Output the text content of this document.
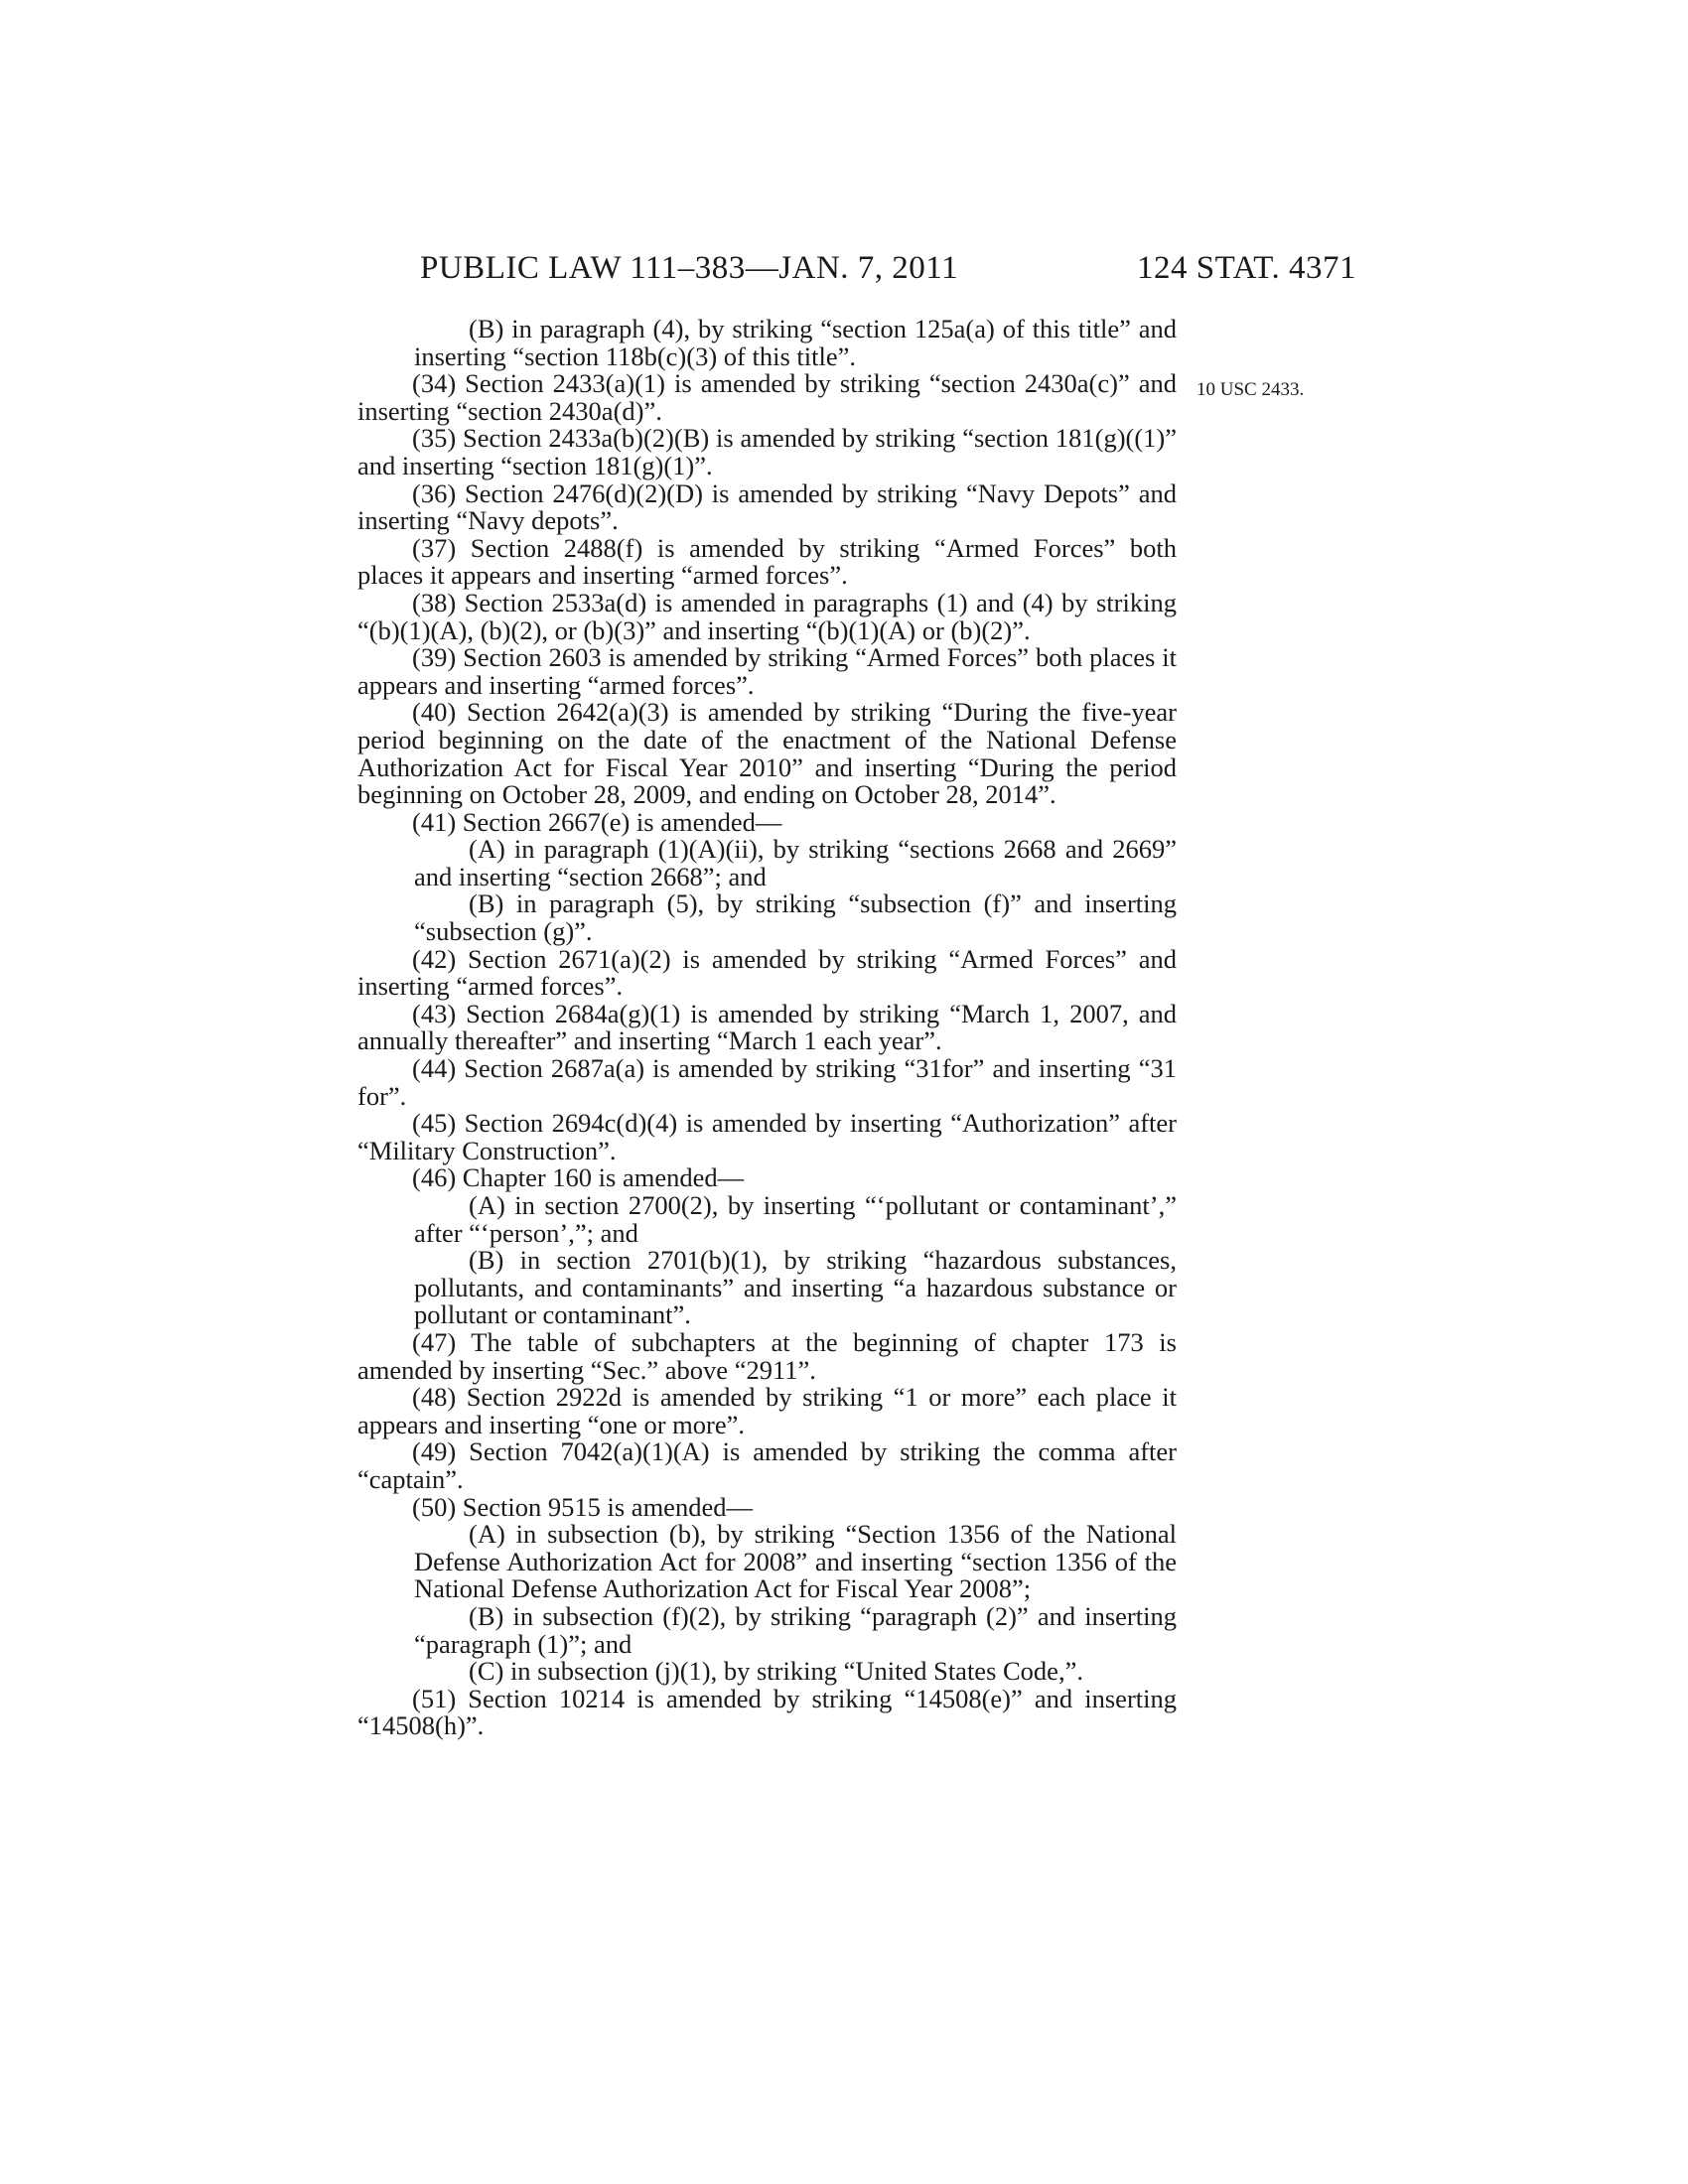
PUBLIC LAW 111–383—JAN. 7, 2011	124 STAT. 4371
10 USC 2433.

(B) in paragraph (4), by striking “section 125a(a) of this title” and inserting “section 118b(c)(3) of this title”.

(34) Section 2433(a)(1) is amended by striking “section 2430a(c)” and inserting “section 2430a(d)”.

(35) Section 2433a(b)(2)(B) is amended by striking “section 181(g)((1)” and inserting “section 181(g)(1)”.

(36) Section 2476(d)(2)(D) is amended by striking “Navy Depots” and inserting “Navy depots”.

(37) Section 2488(f) is amended by striking “Armed Forces” both places it appears and inserting “armed forces”.

(38) Section 2533a(d) is amended in paragraphs (1) and (4) by striking “(b)(1)(A), (b)(2), or (b)(3)” and inserting “(b)(1)(A) or (b)(2)”.

(39) Section 2603 is amended by striking “Armed Forces” both places it appears and inserting “armed forces”.

(40) Section 2642(a)(3) is amended by striking “During the five-year period beginning on the date of the enactment of the National Defense Authorization Act for Fiscal Year 2010” and inserting “During the period beginning on October 28, 2009, and ending on October 28, 2014”.

(41) Section 2667(e) is amended—

(A) in paragraph (1)(A)(ii), by striking “sections 2668 and 2669” and inserting “section 2668”; and

(B) in paragraph (5), by striking “subsection (f)” and inserting “subsection (g)”.

(42) Section 2671(a)(2) is amended by striking “Armed Forces” and inserting “armed forces”.

(43) Section 2684a(g)(1) is amended by striking “March 1, 2007, and annually thereafter” and inserting “March 1 each year”.

(44) Section 2687a(a) is amended by striking “31for” and inserting “31 for”.

(45) Section 2694c(d)(4) is amended by inserting “Authorization” after “Military Construction”.

(46) Chapter 160 is amended—

(A) in section 2700(2), by inserting “‘pollutant or contaminant’,” after “‘person’,”; and

(B) in section 2701(b)(1), by striking “hazardous substances, pollutants, and contaminants” and inserting “a hazardous substance or pollutant or contaminant”.

(47) The table of subchapters at the beginning of chapter 173 is amended by inserting “Sec.” above “2911”.

(48) Section 2922d is amended by striking “1 or more” each place it appears and inserting “one or more”.

(49) Section 7042(a)(1)(A) is amended by striking the comma after “captain”.

(50) Section 9515 is amended—

(A) in subsection (b), by striking “Section 1356 of the National Defense Authorization Act for 2008” and inserting “section 1356 of the National Defense Authorization Act for Fiscal Year 2008”;

(B) in subsection (f)(2), by striking “paragraph (2)” and inserting “paragraph (1)”; and

(C) in subsection (j)(1), by striking “United States Code,”.

(51) Section 10214 is amended by striking “14508(e)” and inserting “14508(h)”.
